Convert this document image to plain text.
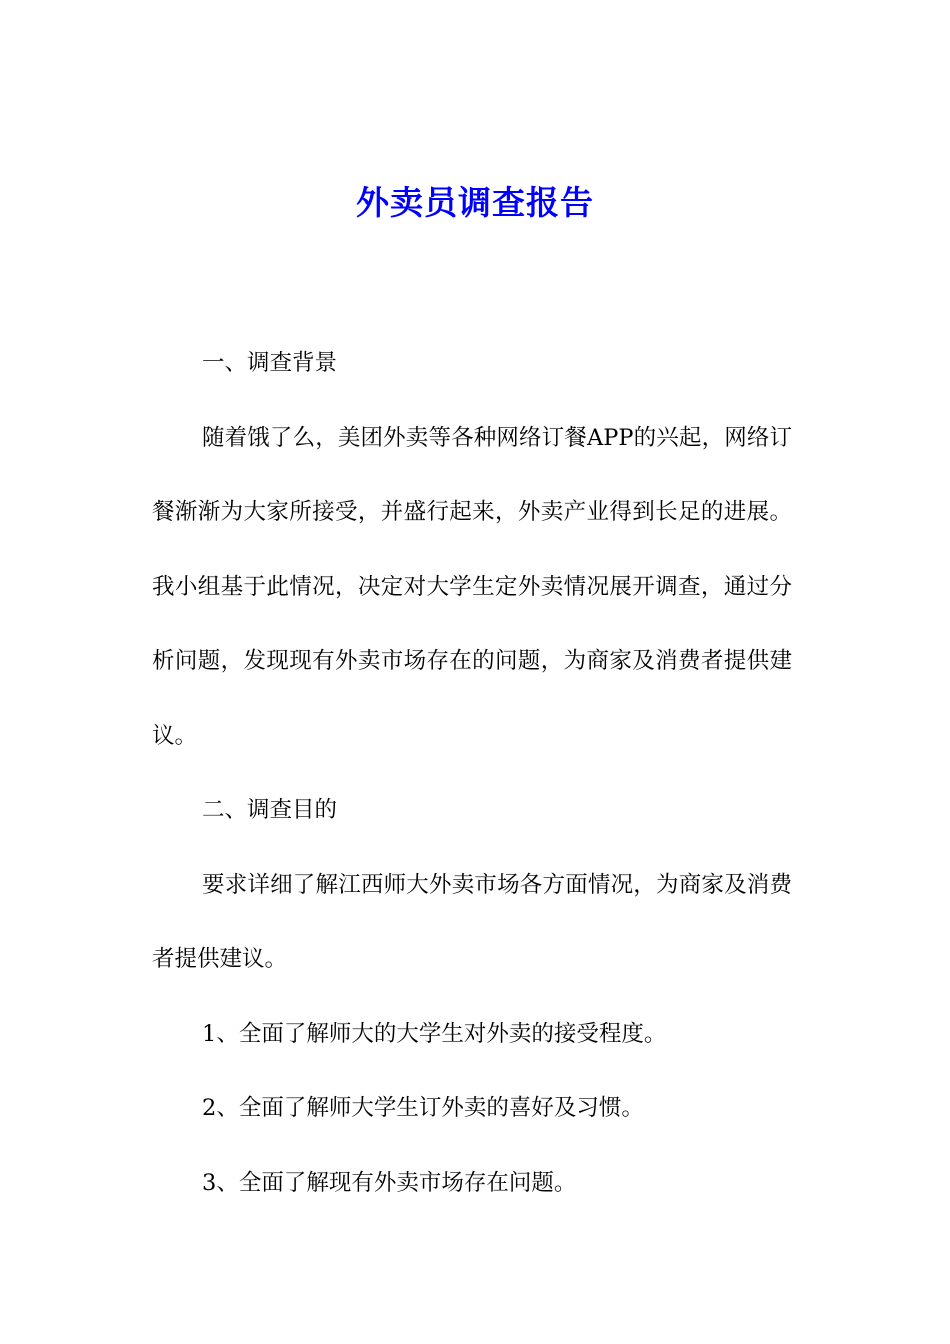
外卖员调查报告

一、调查背景

随着饿了么，美团外卖等各种网络订餐APP的兴起，网络订餐渐渐为大家所接受，并盛行起来，外卖产业得到长足的进展。我小组基于此情况，决定对大学生定外卖情况展开调查，通过分析问题，发现现有外卖市场存在的问题，为商家及消费者提供建议。

二、调查目的

要求详细了解江西师大外卖市场各方面情况，为商家及消费者提供建议。

1、全面了解师大的大学生对外卖的接受程度。

2、全面了解师大学生订外卖的喜好及习惯。

3、全面了解现有外卖市场存在问题。
